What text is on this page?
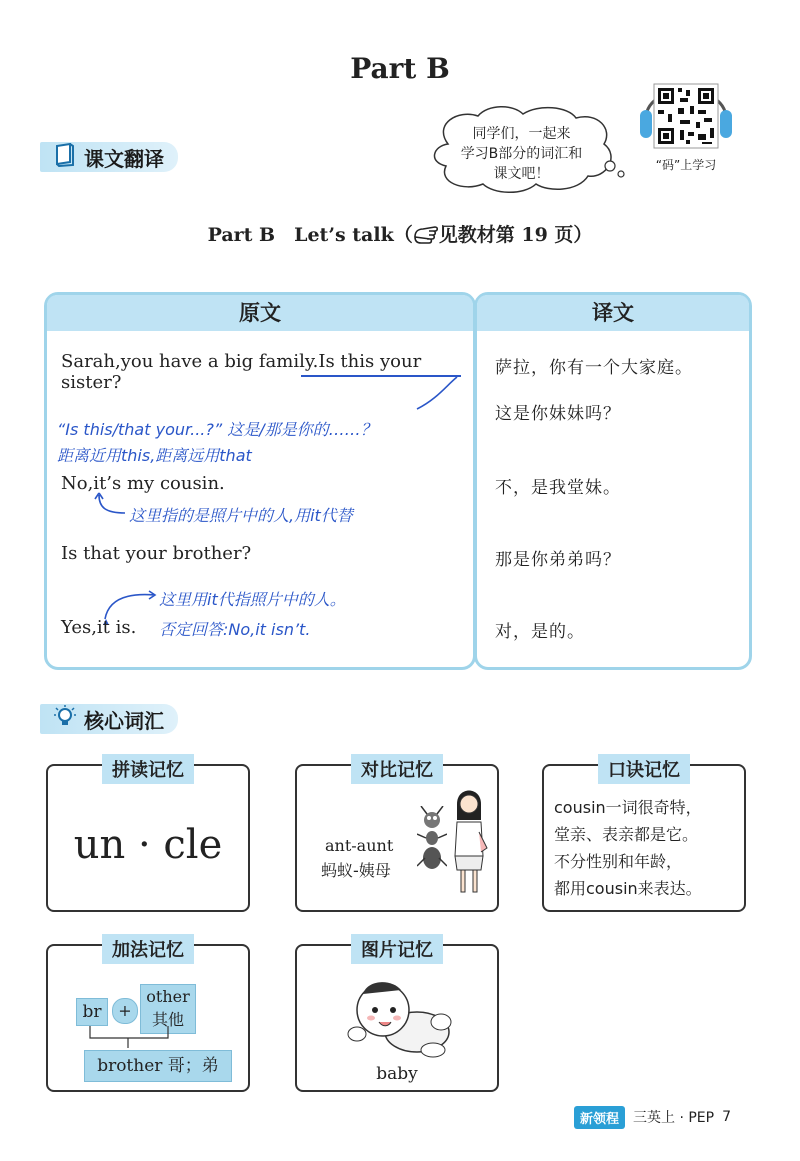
Part B
课文翻译
同学们，一起来
学习B部分的词汇和
课文吧！
“码”上学习
Part B　Let’s talk（ 见教材第 19 页）
原文
Sarah,you have a big family.Is this your sister?
“Is this/that your...?” 这是/那是你的……？
距离近用this,距离远用that
No,it’s my cousin.
这里指的是照片中的人,用it代替
Is that your brother?
这里用it代指照片中的人。
Yes,it is. 否定回答:No,it isn’t.
译文
萨拉，你有一个大家庭。
这是你妹妹吗？
不，是我堂妹。
那是你弟弟吗？
对，是的。
核心词汇
拼读记忆
un · cle
对比记忆
ant-aunt
蚂蚁-姨母
口诀记忆
cousin一词很奇特，
堂亲、表亲都是它。
不分性别和年龄，
都用cousin来表达。
加法记忆
br	+
other
其他
brother 哥；弟
图片记忆
baby
新领程	三英上 · PEP 7
